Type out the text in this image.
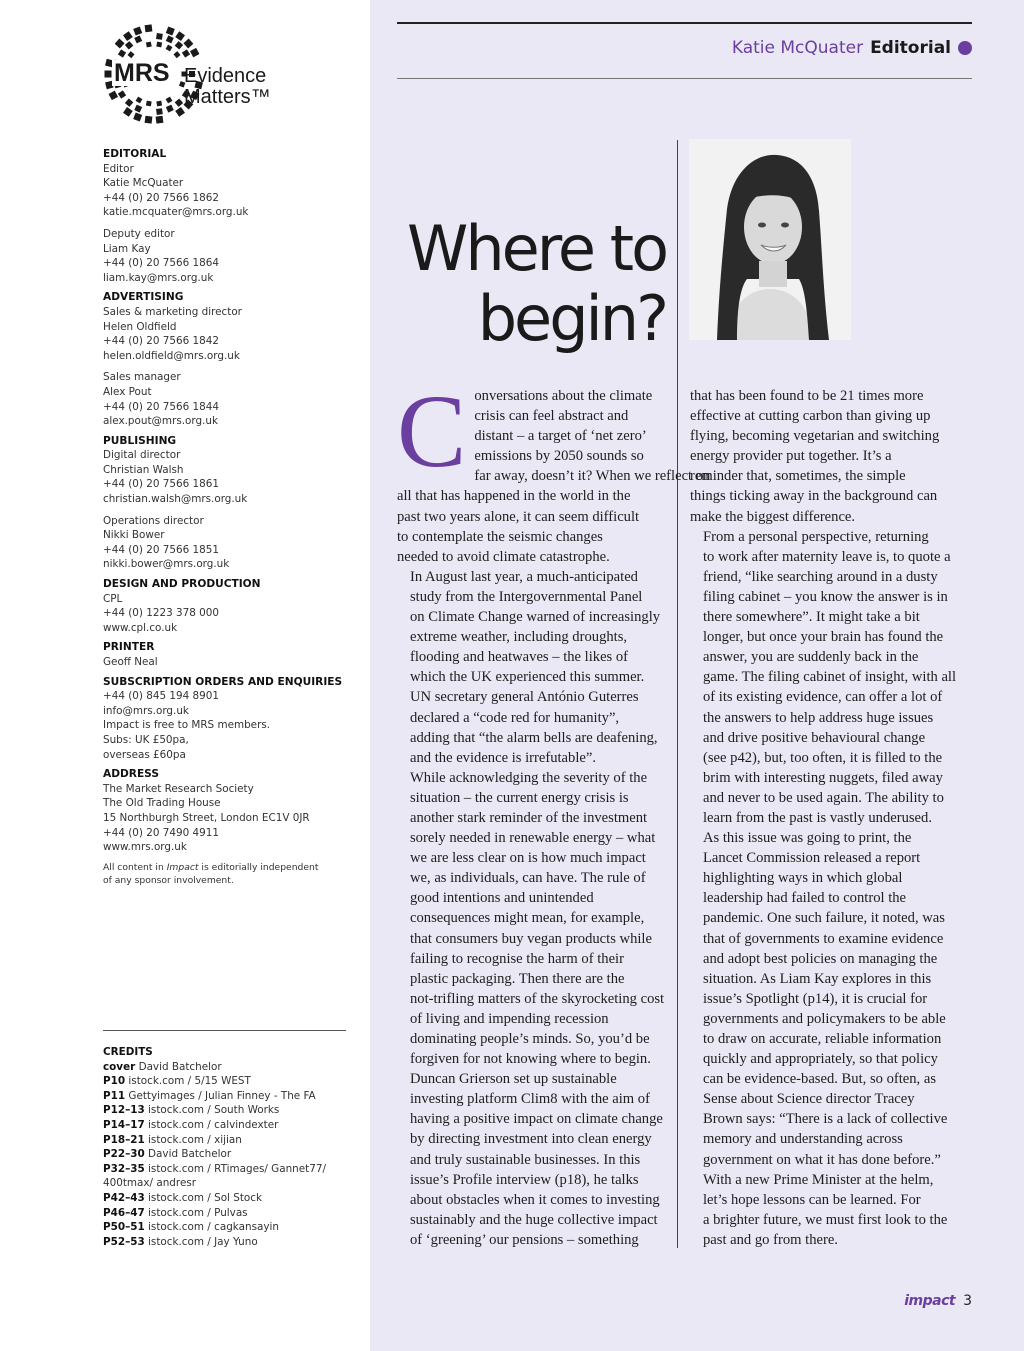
MRS Evidence
Matters™
EDITORIAL
Editor
Katie McQuater
+44 (0) 20 7566 1862
katie.mcquater@mrs.org.uk
Deputy editor
Liam Kay
+44 (0) 20 7566 1864
liam.kay@mrs.org.uk
ADVERTISING
Sales & marketing director
Helen Oldfield
+44 (0) 20 7566 1842
helen.oldfield@mrs.org.uk
Sales manager
Alex Pout
+44 (0) 20 7566 1844
alex.pout@mrs.org.uk
PUBLISHING
Digital director
Christian Walsh
+44 (0) 20 7566 1861
christian.walsh@mrs.org.uk
Operations director
Nikki Bower
+44 (0) 20 7566 1851
nikki.bower@mrs.org.uk
DESIGN AND PRODUCTION
CPL
+44 (0) 1223 378 000
www.cpl.co.uk
PRINTER
Geoff Neal
SUBSCRIPTION ORDERS AND ENQUIRIES
+44 (0) 845 194 8901
info@mrs.org.uk
Impact is free to MRS members.
Subs: UK £50pa,
overseas £60pa
ADDRESS
The Market Research Society
The Old Trading House
15 Northburgh Street, London EC1V 0JR
+44 (0) 20 7490 4911
www.mrs.org.uk
All content in Impact is editorially independent
of any sponsor involvement.
CREDITS
cover David Batchelor
P10 istock.com / 5/15 WEST
P11 Gettyimages / Julian Finney - The FA
P12–13 istock.com / South Works
P14–17 istock.com / calvindexter
P18–21 istock.com / xijian
P22–30 David Batchelor
P32–35 istock.com / RTimages/ Gannet77/
400tmax/ andresr
P42–43 istock.com / Sol Stock
P46–47 istock.com / Pulvas
P50–51 istock.com / cagkansayin
P52–53 istock.com / Jay Yuno
Katie McQuater Editorial
Where to
begin?

C onversations about the climate
crisis can feel abstract and
distant – a target of ‘net zero’
emissions by 2050 sounds so
far away, doesn’t it? When we reflect on
all that has happened in the world in the
past two years alone, it can seem difficult
to contemplate the seismic changes
needed to avoid climate catastrophe.

In August last year, a much-anticipated
study from the Intergovernmental Panel
on Climate Change warned of increasingly
extreme weather, including droughts,
flooding and heatwaves – the likes of
which the UK experienced this summer.
UN secretary general António Guterres
declared a “code red for humanity”,
adding that “the alarm bells are deafening,
and the evidence is irrefutable”.

While acknowledging the severity of the
situation – the current energy crisis is
another stark reminder of the investment
sorely needed in renewable energy – what
we are less clear on is how much impact
we, as individuals, can have. The rule of
good intentions and unintended
consequences might mean, for example,
that consumers buy vegan products while
failing to recognise the harm of their
plastic packaging. Then there are the
not-trifling matters of the skyrocketing cost
of living and impending recession
dominating people’s minds. So, you’d be
forgiven for not knowing where to begin.

Duncan Grierson set up sustainable
investing platform Clim8 with the aim of
having a positive impact on climate change
by directing investment into clean energy
and truly sustainable businesses. In this
issue’s Profile interview (p18), he talks
about obstacles when it comes to investing
sustainably and the huge collective impact
of ‘greening’ our pensions – something

that has been found to be 21 times more
effective at cutting carbon than giving up
flying, becoming vegetarian and switching
energy provider put together. It’s a
reminder that, sometimes, the simple
things ticking away in the background can
make the biggest difference.

From a personal perspective, returning
to work after maternity leave is, to quote a
friend, “like searching around in a dusty
filing cabinet – you know the answer is in
there somewhere”. It might take a bit
longer, but once your brain has found the
answer, you are suddenly back in the
game. The filing cabinet of insight, with all
of its existing evidence, can offer a lot of
the answers to help address huge issues
and drive positive behavioural change
(see p42), but, too often, it is filled to the
brim with interesting nuggets, filed away
and never to be used again. The ability to
learn from the past is vastly underused.

As this issue was going to print, the
Lancet Commission released a report
highlighting ways in which global
leadership had failed to control the
pandemic. One such failure, it noted, was
that of governments to examine evidence
and adopt best policies on managing the
situation. As Liam Kay explores in this
issue’s Spotlight (p14), it is crucial for
governments and policymakers to be able
to draw on accurate, reliable information
quickly and appropriately, so that policy
can be evidence-based. But, so often, as
Sense about Science director Tracey
Brown says: “There is a lack of collective
memory and understanding across
government on what it has done before.”

With a new Prime Minister at the helm,
let’s hope lessons can be learned. For
a brighter future, we must first look to the
past and go from there.

impact 3
